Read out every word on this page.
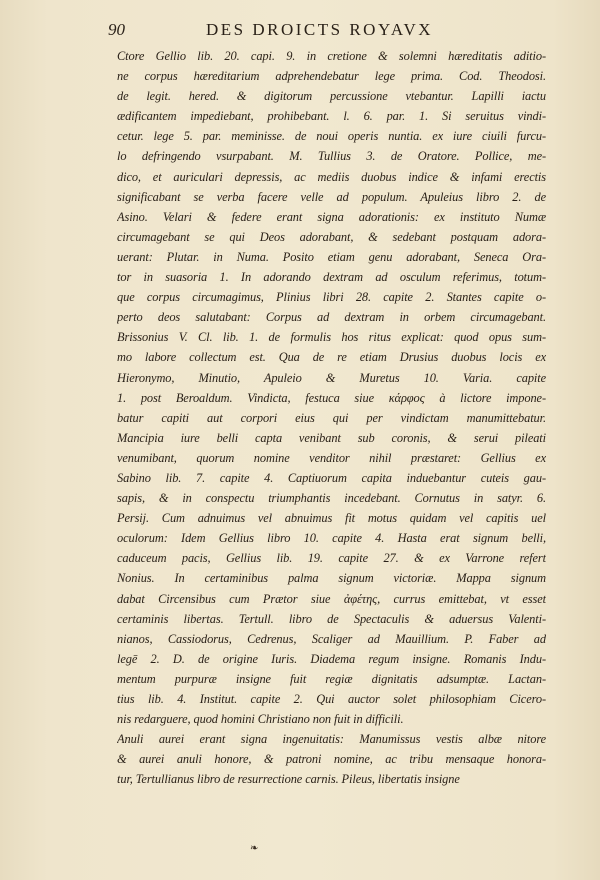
90	DES DROICTS ROYAVX
Ctore Gellio lib. 20. capi. 9. in cretione & solemni hæreditatis aditio-
ne corpus hæreditarium adprehendebatur lege prima. Cod. Theodosi.
de legit. hered. & digitorum percussione vtebantur. Lapilli iactu
ædificantem impediebant, prohibebant. l. 6. par. 1. Si seruitus vindi-
cetur. lege 5. par. meminisse. de noui operis nuntia. ex iure ciuili furcu-
lo defringendo vsurpabant. M. Tullius 3. de Oratore. Pollice, me-
dico, et auriculari depressis, ac mediis duobus indice & infami erectis
significabant se verba facere velle ad populum. Apuleius libro 2. de
Asino. Velari & federe erant signa adorationis: ex instituto Numæ
circumagebant se qui Deos adorabant, & sedebant postquam adora-
uerant: Plutar. in Numa. Posito etiam genu adorabant, Seneca Ora-
tor in suasoria 1. In adorando dextram ad osculum referimus, totum-
que corpus circumagimus, Plinius libri 28. capite 2. Stantes capite o-
perto deos salutabant: Corpus ad dextram in orbem circumagebant.
Brissonius V. Cl. lib. 1. de formulis hos ritus explicat: quod opus sum-
mo labore collectum est. Qua de re etiam Drusius duobus locis ex
Hieronymo, Minutio, Apuleio & Muretus 10. Varia. capite
1. post Beroaldum. Vindicta, festuca siue κάρφος à lictore impone-
batur capiti aut corpori eius qui per vindictam manumittebatur.
Mancipia iure belli capta venibant sub coronis, & serui pileati
venumibant, quorum nomine venditor nihil præstaret: Gellius ex
Sabino lib. 7. capite 4. Captiuorum capita induebantur cuteis gau-
sapis, & in conspectu triumphantis incedebant. Cornutus in satyr. 6.
Persij. Cum adnuimus vel abnuimus fit motus quidam vel capitis uel
oculorum: Idem Gellius libro 10. capite 4. Hasta erat signum belli,
caduceum pacis, Gellius lib. 19. capite 27. & ex Varrone refert
Nonius. In certaminibus palma signum victoriæ. Mappa signum
dabat Circensibus cum Prætor siue ἀφέτης, currus emittebat, vt esset
certaminis libertas. Tertull. libro de Spectaculis & aduersus Valenti-
nianos, Cassiodorus, Cedrenus, Scaliger ad Mauillium. P. Faber ad
legē 2. D. de origine Iuris. Diadema regum insigne. Romanis Indu-
mentum purpuræ insigne fuit regiæ dignitatis adsumptæ. Lactan-
tius lib. 4. Institut. capite 2. Qui auctor solet philosophiam Cicero-
nis redarguere, quod homini Christiano non fuit in difficili.
Anuli aurei erant signa ingenuitatis: Manumissus vestis albæ nitore
& aurei anuli honore, & patroni nomine, ac tribu mensaque honora-
tur, Tertullianus libro de resurrectione carnis. Pileus, libertatis insigne
❧
